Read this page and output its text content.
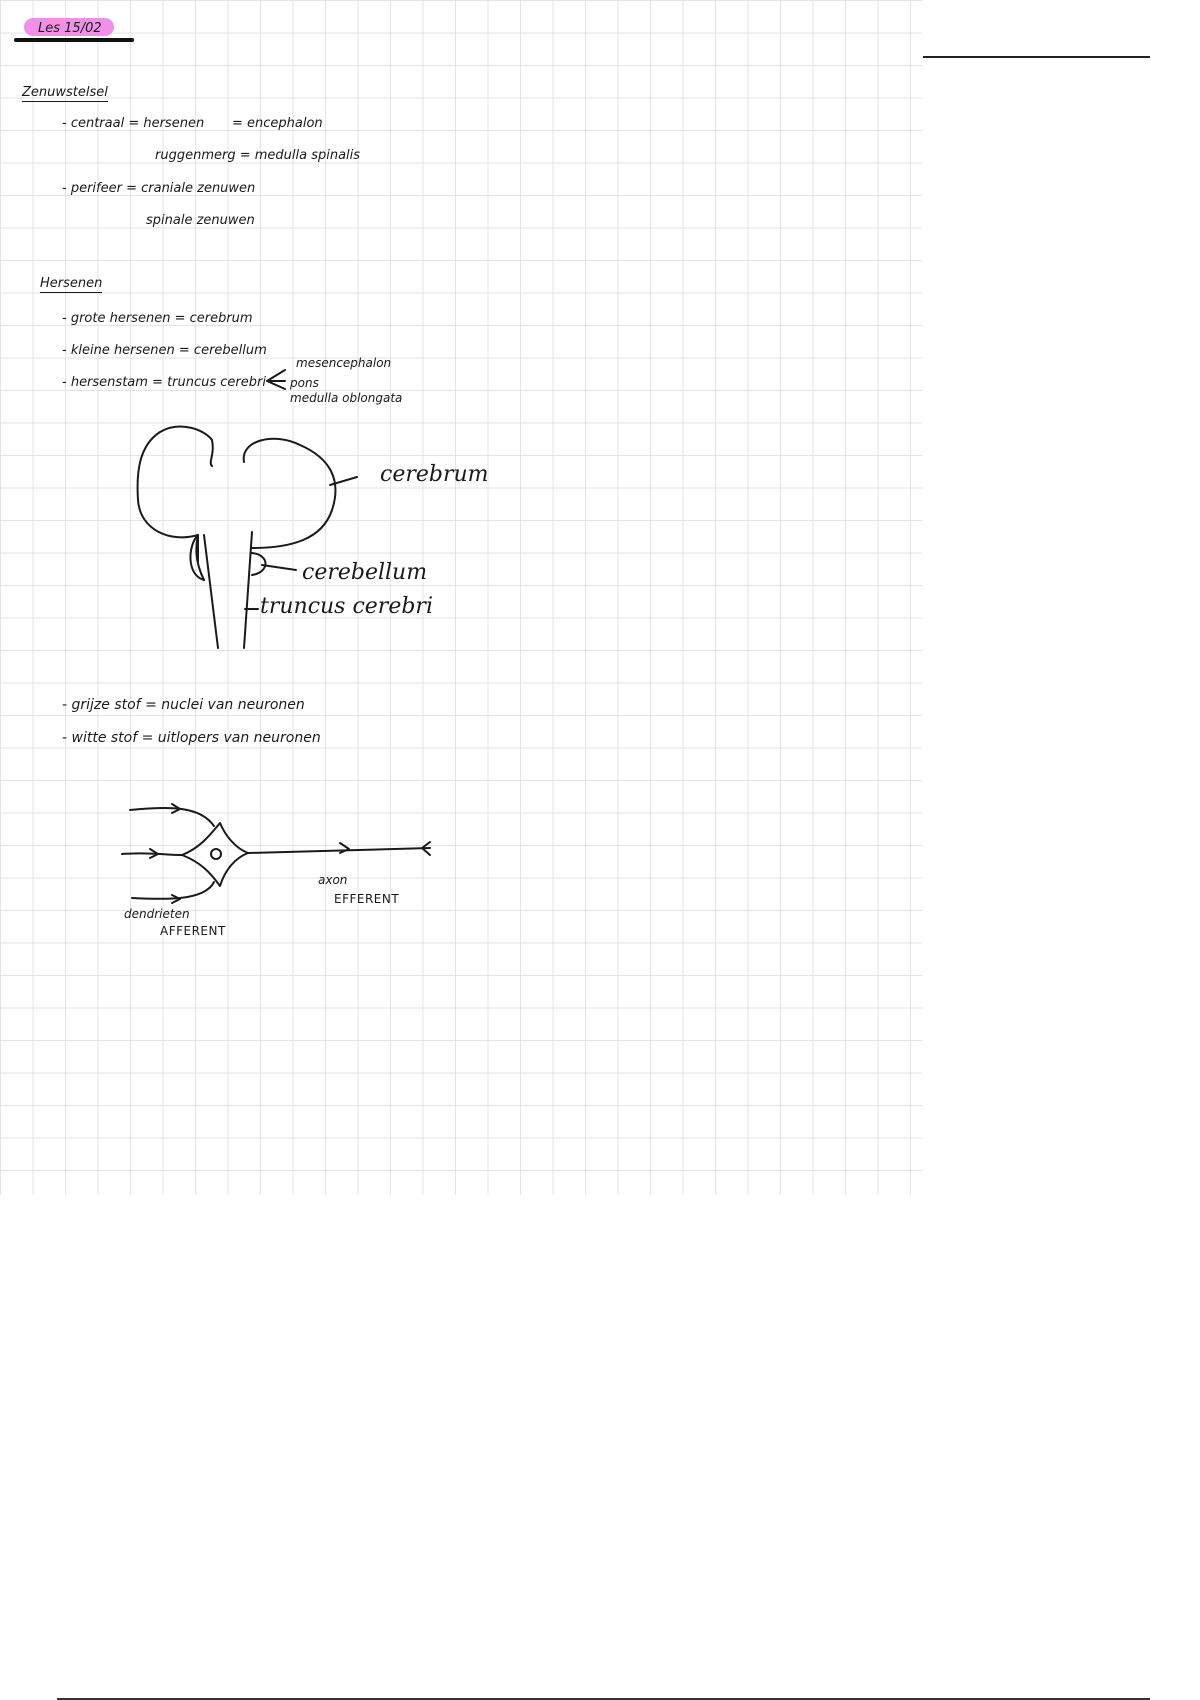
Les 15/02

Zenuwstelsel

- centraal = hersenen = encephalon

ruggenmerg = medulla spinalis

- perifeer = craniale zenuwen

spinale zenuwen

Hersenen

- grote hersenen = cerebrum

- kleine hersenen = cerebellum

- hersenstam = truncus cerebri

mesencephalon

pons

medulla oblongata

cerebrum

cerebellum

truncus cerebri

- grijze stof = nuclei van neuronen

- witte stof = uitlopers van neuronen

axon

EFFERENT

dendrieten

AFFERENT
